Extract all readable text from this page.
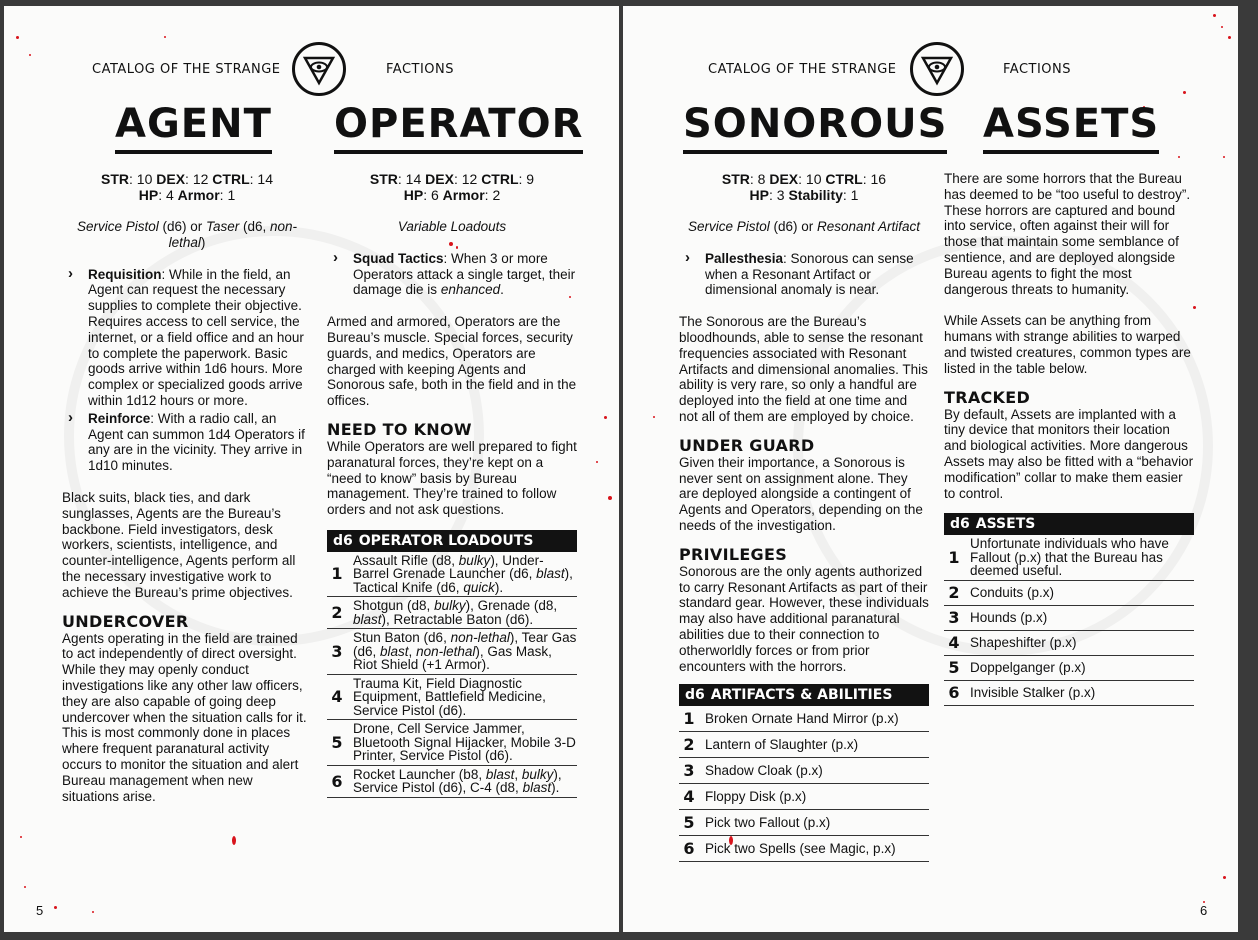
CATALOG OF THE STRANGE	FACTIONS
AGENT OPERATOR
STR: 10 DEX: 12 CTRL: 14
HP: 4 Armor: 1
Service Pistol (d6) or Taser (d6, non-lethal)
› Requisition: While in the field, an Agent can request the necessary supplies to complete their objective. Requires access to cell service, the internet, or a field office and an hour to complete the paperwork. Basic goods arrive within 1d6 hours. More complex or specialized goods arrive within 1d12 hours or more.
› Reinforce: With a radio call, an Agent can summon 1d4 Operators if any are in the vicinity. They arrive in 1d10 minutes.

Black suits, black ties, and dark sunglasses, Agents are the Bureau’s backbone. Field investigators, desk workers, scientists, intelligence, and counter-intelligence, Agents perform all the necessary investigative work to achieve the Bureau’s prime objectives.

UNDERCOVER

Agents operating in the field are trained to act independently of direct oversight. While they may openly conduct investigations like any other law officers, they are also capable of going deep undercover when the situation calls for it. This is most commonly done in places where frequent paranatural activity occurs to monitor the situation and alert Bureau management when new situations arise.

STR: 14 DEX: 12 CTRL: 9
HP: 6 Armor: 2
Variable Loadouts
› Squad Tactics: When 3 or more Operators attack a single target, their damage die is enhanced.

Armed and armored, Operators are the Bureau’s muscle. Special forces, security guards, and medics, Operators are charged with keeping Agents and Sonorous safe, both in the field and in the offices.

NEED TO KNOW

While Operators are well prepared to fight paranatural forces, they’re kept on a “need to know” basis by Bureau management. They’re trained to follow orders and not ask questions.

d6 OPERATOR LOADOUTS
1
Assault Rifle (d8, bulky), Under-Barrel Grenade Launcher (d6, blast), Tactical Knife (d6, quick).
2 Shotgun (d8, bulky), Grenade (d8, blast), Retractable Baton (d6).
3
Stun Baton (d6, non-lethal), Tear Gas (d6, blast, non-lethal), Gas Mask, Riot Shield (+1 Armor).
4
Trauma Kit, Field Diagnostic Equipment, Battlefield Medicine, Service Pistol (d6).
5
Drone, Cell Service Jammer, Bluetooth Signal Hijacker, Mobile 3-D Printer, Service Pistol (d6).
6 Rocket Launcher (b8, blast, bulky), Service Pistol (d6), C-4 (d8, blast).
5
CATALOG OF THE STRANGE	FACTIONS
SONOROUS ASSETS
STR: 8 DEX: 10 CTRL: 16
HP: 3 Stability: 1
Service Pistol (d6) or Resonant Artifact
› Pallesthesia: Sonorous can sense when a Resonant Artifact or dimensional anomaly is near.

The Sonorous are the Bureau’s bloodhounds, able to sense the resonant frequencies associated with Resonant Artifacts and dimensional anomalies. This ability is very rare, so only a handful are deployed into the field at one time and not all of them are employed by choice.

UNDER GUARD

Given their importance, a Sonorous is never sent on assignment alone. They are deployed alongside a contingent of Agents and Operators, depending on the needs of the investigation.

PRIVILEGES

Sonorous are the only agents authorized to carry Resonant Artifacts as part of their standard gear. However, these individuals may also have additional paranatural abilities due to their connection to otherworldly forces or from prior encounters with the horrors.

d6 ARTIFACTS & ABILITIES
1 Broken Ornate Hand Mirror (p.x)
2 Lantern of Slaughter (p.x)
3 Shadow Cloak (p.x)
4 Floppy Disk (p.x)
5 Pick two Fallout (p.x)
6 Pick two Spells (see Magic, p.x)

There are some horrors that the Bureau has deemed to be “too useful to destroy”. These horrors are captured and bound into service, often against their will for those that maintain some semblance of sentience, and are deployed alongside Bureau agents to fight the most dangerous threats to humanity.

While Assets can be anything from humans with strange abilities to warped and twisted creatures, common types are listed in the table below.

TRACKED

By default, Assets are implanted with a tiny device that monitors their location and biological activities. More dangerous Assets may also be fitted with a “behavior modification” collar to make them easier to control.

d6 ASSETS
1
Unfortunate individuals who have Fallout (p.x) that the Bureau has deemed useful.
2 Conduits (p.x)
3 Hounds (p.x)
4 Shapeshifter (p.x)
5 Doppelganger (p.x)
6 Invisible Stalker (p.x)
6
